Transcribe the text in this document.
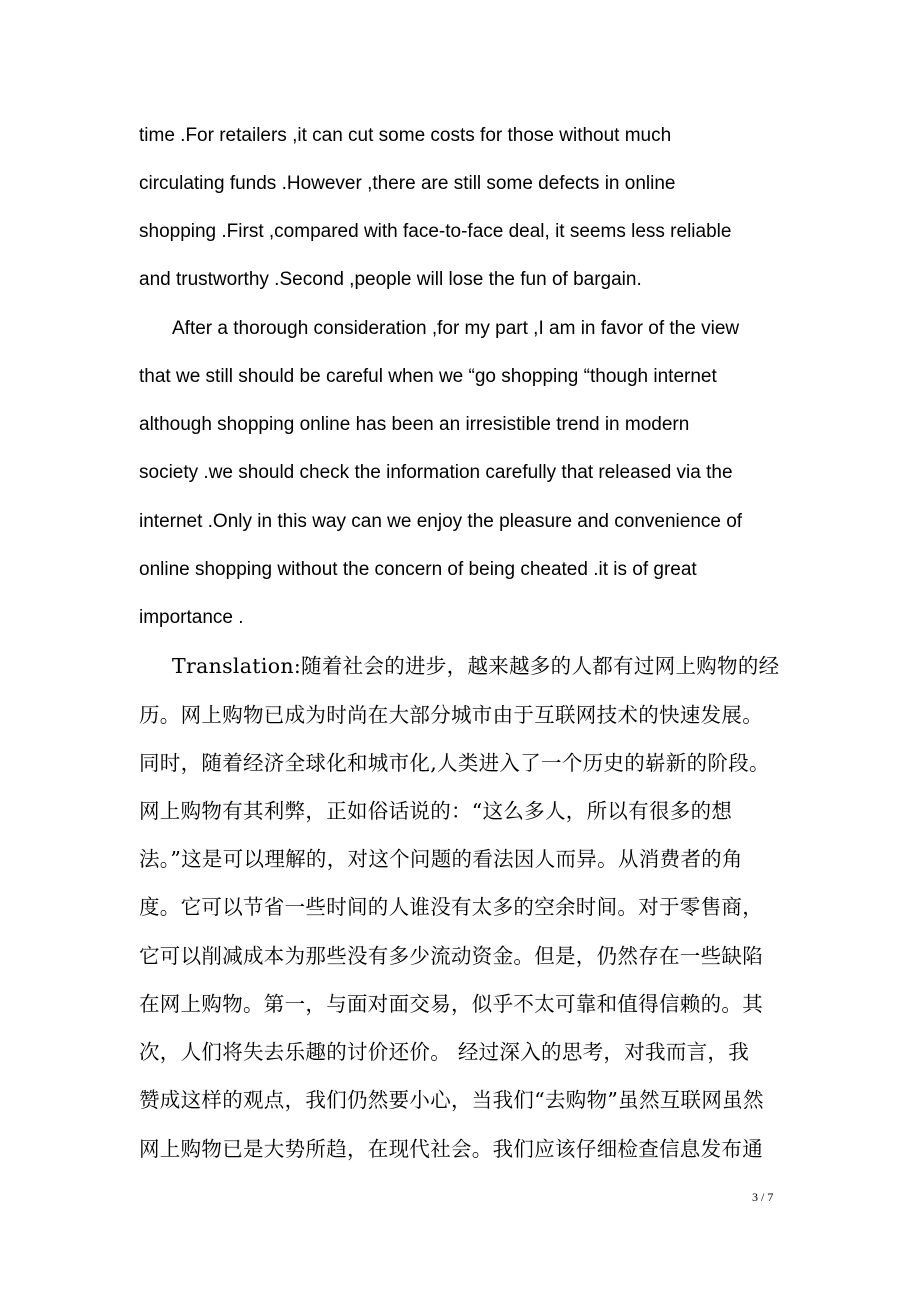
time .For retailers ,it can cut some costs for those without much
circulating funds .However ,there are still some defects in online
shopping .First ,compared with face-to-face deal, it seems less reliable
and trustworthy .Second ,people will lose the fun of bargain.
After a thorough consideration ,for my part ,I am in favor of the view
that we still should be careful when we “go shopping “though internet
although shopping online has been an irresistible trend in modern
society .we should check the information carefully that released via the
internet .Only in this way can we enjoy the pleasure and convenience of
online shopping without the concern of being cheated .it is of great
importance .
Translation:随着社会的进步，越来越多的人都有过网上购物的经
历。网上购物已成为时尚在大部分城市由于互联网技术的快速发展。
同时，随着经济全球化和城市化,人类进入了一个历史的崭新的阶段。
网上购物有其利弊，正如俗话说的：“这么多人，所以有很多的想
法。”这是可以理解的，对这个问题的看法因人而异。从消费者的角
度。它可以节省一些时间的人谁没有太多的空余时间。对于零售商，
它可以削减成本为那些没有多少流动资金。但是，仍然存在一些缺陷
在网上购物。第一，与面对面交易，似乎不太可靠和值得信赖的。其
次，人们将失去乐趣的讨价还价。 经过深入的思考，对我而言，我
赞成这样的观点，我们仍然要小心，当我们“去购物”虽然互联网虽然
网上购物已是大势所趋，在现代社会。我们应该仔细检查信息发布通
3 / 7
